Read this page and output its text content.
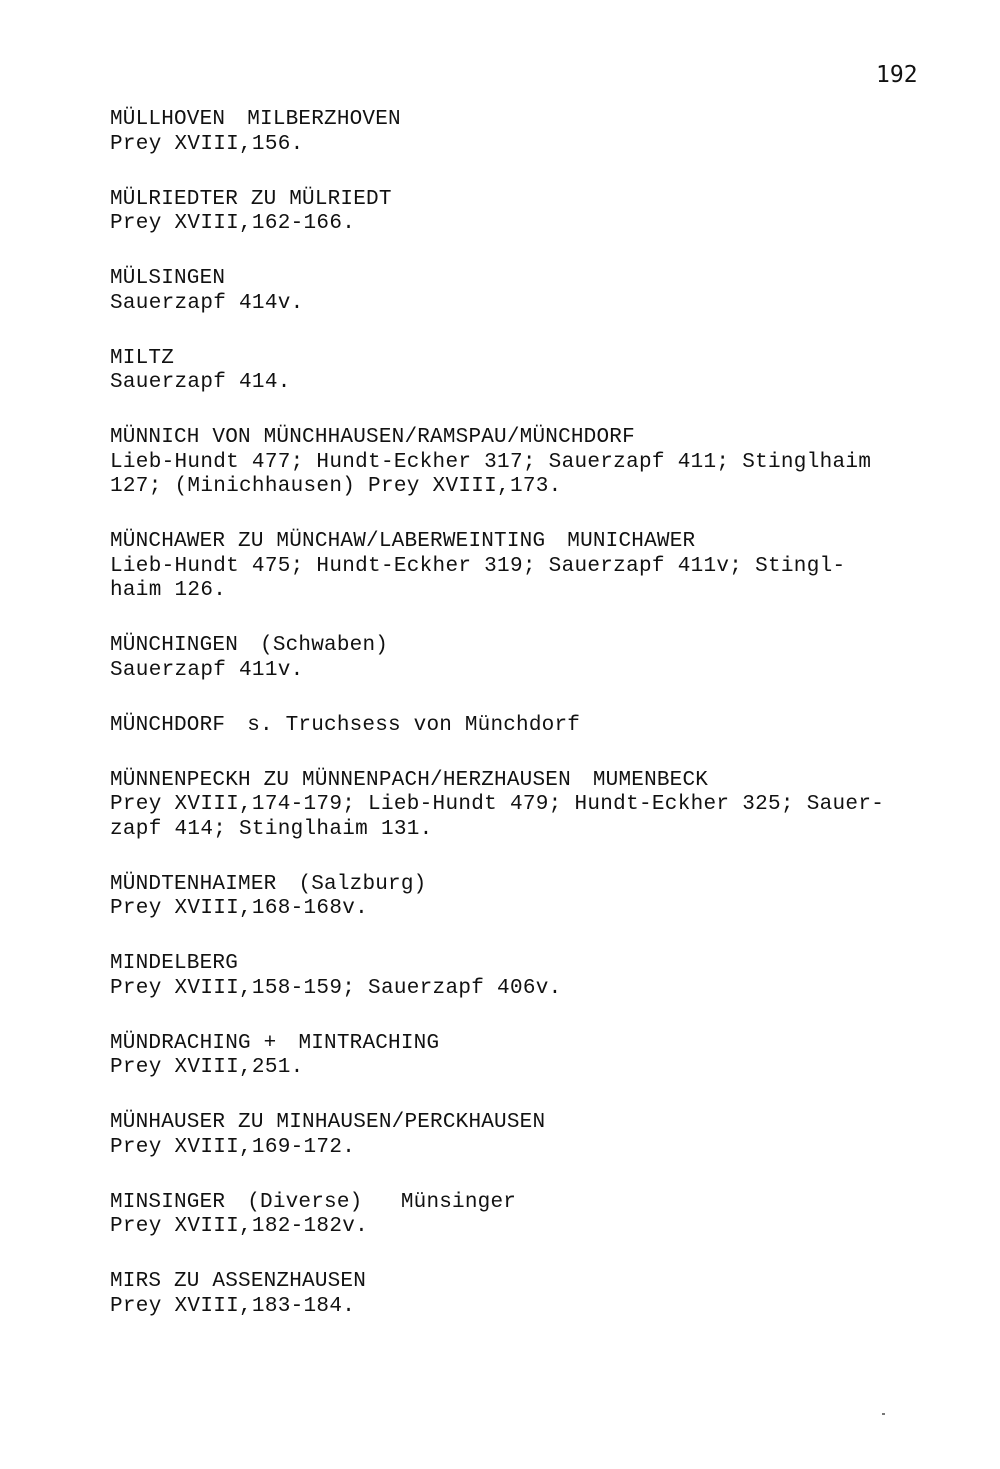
192
MÜLLHOVEN MILBERZHOVEN
Prey XVIII,156.
MÜLRIEDTER ZU MÜLRIEDT
Prey XVIII,162-166.
MÜLSINGEN
Sauerzapf 414v.
MILTZ
Sauerzapf 414.
MÜNNICH VON MÜNCHHAUSEN/RAMSPAU/MÜNCHDORF
Lieb-Hundt 477; Hundt-Eckher 317; Sauerzapf 411; Stinglhaim
127; (Minichhausen) Prey XVIII,173.
MÜNCHAWER ZU MÜNCHAW/LABERWEINTING MUNICHAWER
Lieb-Hundt 475; Hundt-Eckher 319; Sauerzapf 411v; Stingl-
haim 126.
MÜNCHINGEN (Schwaben)
Sauerzapf 411v.
MÜNCHDORF s. Truchsess von Münchdorf
MÜNNENPECKH ZU MÜNNENPACH/HERZHAUSEN MUMENBECK
Prey XVIII,174-179; Lieb-Hundt 479; Hundt-Eckher 325; Sauer-
zapf 414; Stinglhaim 131.
MÜNDTENHAIMER (Salzburg)
Prey XVIII,168-168v.
MINDELBERG
Prey XVIII,158-159; Sauerzapf 406v.
MÜNDRACHING + MINTRACHING
Prey XVIII,251.
MÜNHAUSER ZU MINHAUSEN/PERCKHAUSEN
Prey XVIII,169-172.
MINSINGER (Diverse)   Münsinger
Prey XVIII,182-182v.
MIRS ZU ASSENZHAUSEN
Prey XVIII,183-184.
